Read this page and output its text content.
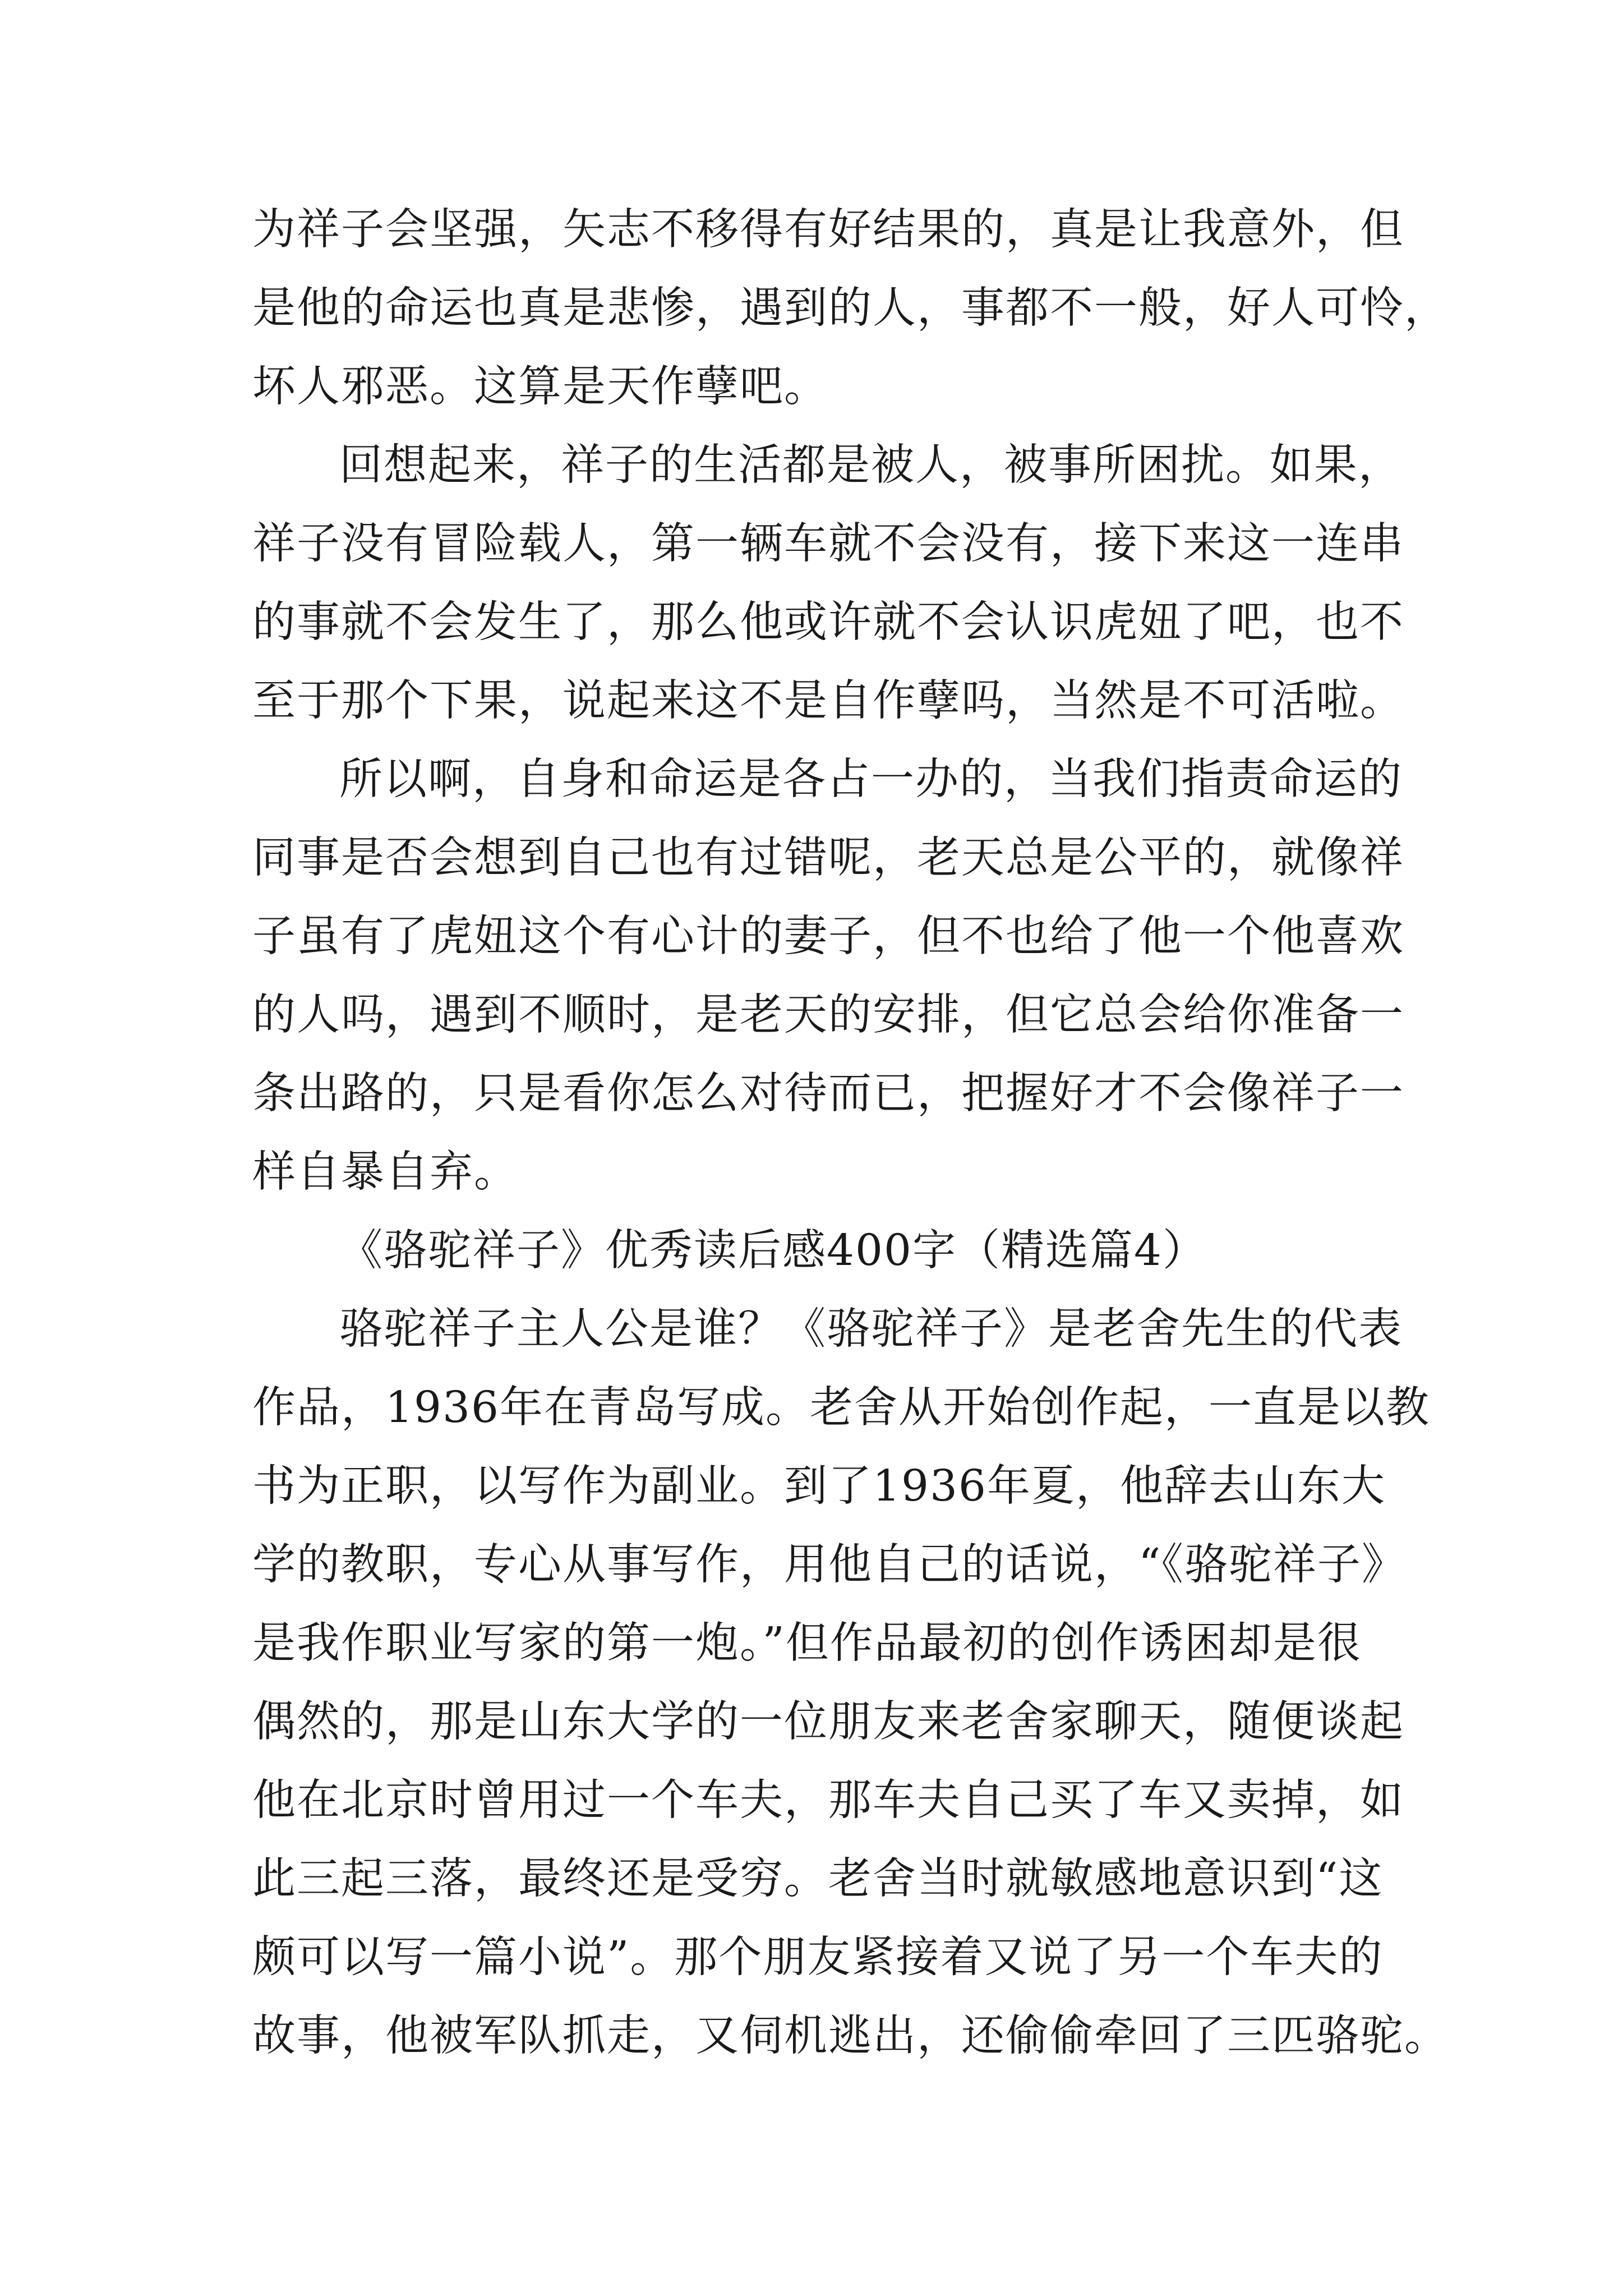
为祥子会坚强，矢志不移得有好结果的，真是让我意外，但
是他的命运也真是悲惨，遇到的人，事都不一般，好人可怜，
坏人邪恶。这算是天作孽吧。
回想起来，祥子的生活都是被人，被事所困扰。如果，
祥子没有冒险载人，第一辆车就不会没有，接下来这一连串
的事就不会发生了，那么他或许就不会认识虎妞了吧，也不
至于那个下果，说起来这不是自作孽吗，当然是不可活啦。
所以啊，自身和命运是各占一办的，当我们指责命运的
同事是否会想到自己也有过错呢，老天总是公平的，就像祥
子虽有了虎妞这个有心计的妻子，但不也给了他一个他喜欢
的人吗，遇到不顺时，是老天的安排，但它总会给你准备一
条出路的，只是看你怎么对待而已，把握好才不会像祥子一
样自暴自弃。
《骆驼祥子》优秀读后感400字（精选篇4）
骆驼祥子主人公是谁？《骆驼祥子》是老舍先生的代表
作品，1936年在青岛写成。老舍从开始创作起，一直是以教
书为正职，以写作为副业。到了1936年夏，他辞去山东大
学的教职，专心从事写作，用他自己的话说，“《骆驼祥子》
是我作职业写家的第一炮。”但作品最初的创作诱困却是很
偶然的，那是山东大学的一位朋友来老舍家聊天，随便谈起
他在北京时曾用过一个车夫，那车夫自己买了车又卖掉，如
此三起三落，最终还是受穷。老舍当时就敏感地意识到“这
颇可以写一篇小说”。那个朋友紧接着又说了另一个车夫的
故事，他被军队抓走，又伺机逃出，还偷偷牵回了三匹骆驼。
